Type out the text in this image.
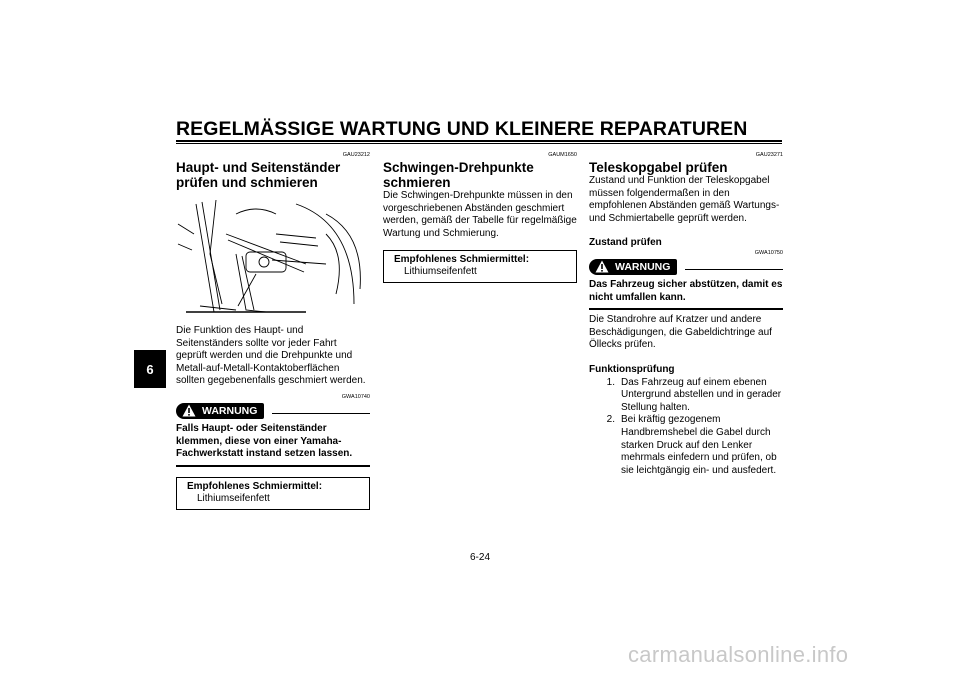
REGELMÄSSIGE WARTUNG UND KLEINERE REPARATUREN
6
GAU23212
Haupt- und Seitenständer prüfen und schmieren
Die Funktion des Haupt- und Seitenständers sollte vor jeder Fahrt geprüft werden und die Drehpunkte und Metall-auf-Metall-Kontaktoberflächen sollten gegebenenfalls geschmiert werden.
GWA10740
WARNUNG
Falls Haupt- oder Seitenständer klemmen, diese von einer Yamaha-Fachwerkstatt instand setzen lassen.
Empfohlenes Schmiermittel:
Lithiumseifenfett
GAUM1650
Schwingen-Drehpunkte schmieren
Die Schwingen-Drehpunkte müssen in den vorgeschriebenen Abständen geschmiert werden, gemäß der Tabelle für regelmäßige Wartung und Schmierung.
Empfohlenes Schmiermittel:
Lithiumseifenfett
GAU23271
Teleskopgabel prüfen
Zustand und Funktion der Teleskopgabel müssen folgendermaßen in den empfohlenen Abständen gemäß Wartungs- und Schmiertabelle geprüft werden.
Zustand prüfen
GWA10750
WARNUNG
Das Fahrzeug sicher abstützen, damit es nicht umfallen kann.
Die Standrohre auf Kratzer und andere Beschädigungen, die Gabeldichtringe auf Öllecks prüfen.
Funktionsprüfung
1. Das Fahrzeug auf einem ebenen Untergrund abstellen und in gerader Stellung halten.
2. Bei kräftig gezogenem Handbremshebel die Gabel durch starken Druck auf den Lenker mehrmals einfedern und prüfen, ob sie leichtgängig ein- und ausfedert.
6-24
carmanualsonline.info
